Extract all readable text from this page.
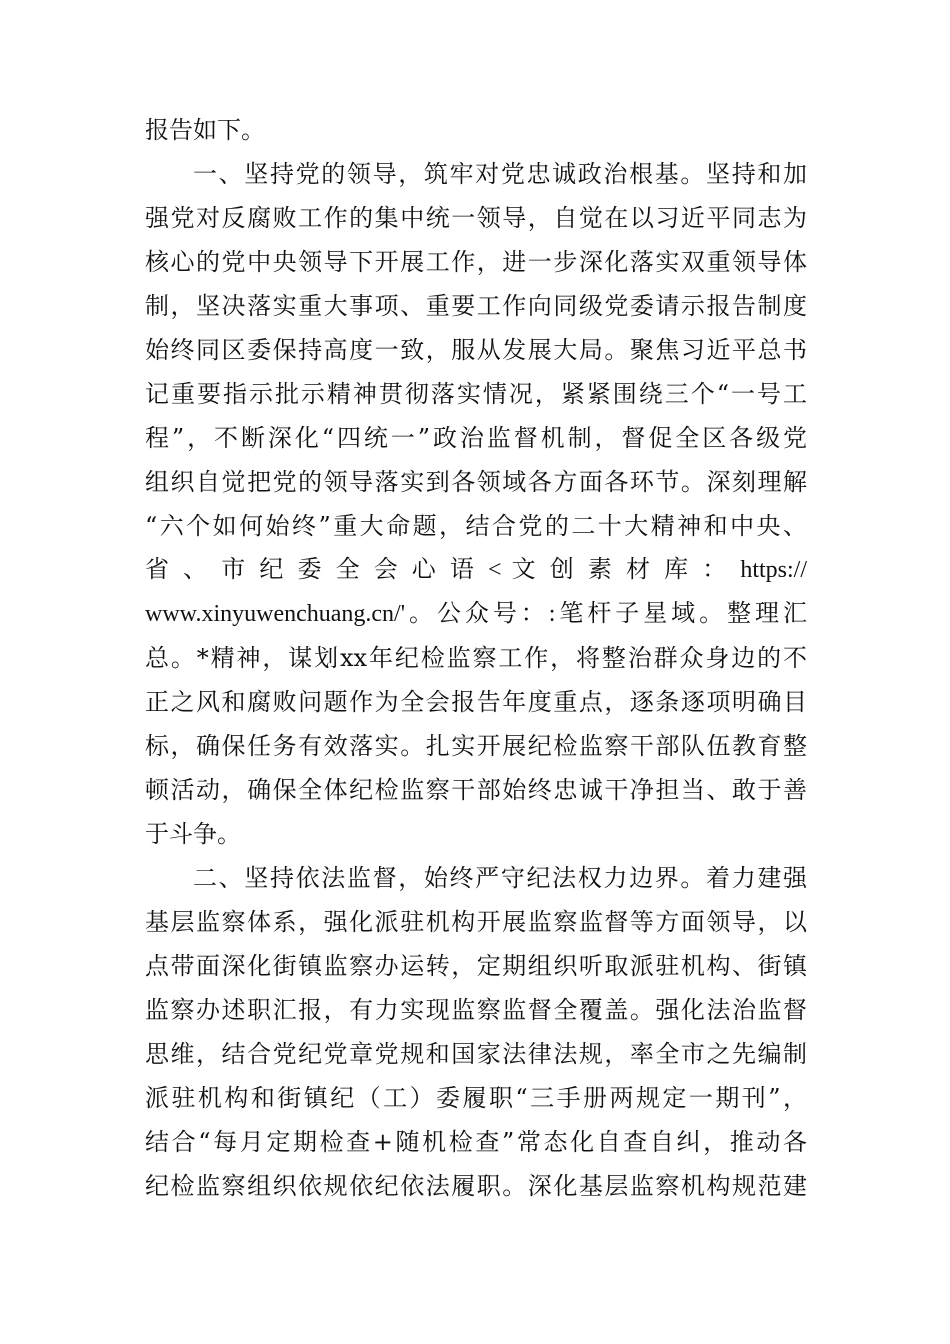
报告如下。
一、坚持党的领导，筑牢对党忠诚政治根基。坚持和加
强党对反腐败工作的集中统一领导，自觉在以习近平同志为
核心的党中央领导下开展工作，进一步深化落实双重领导体
制，坚决落实重大事项、重要工作向同级党委请示报告制度
始终同区委保持高度一致，服从发展大局。聚焦习近平总书
记重要指示批示精神贯彻落实情况，紧紧围绕三个“一号工
程”，不断深化“四统一”政治监督机制，督促全区各级党
组织自觉把党的领导落实到各领域各方面各环节。深刻理解
“六个如何始终”重大命题，结合党的二十大精神和中央、
省 、 市 纪 委 全 会 心 语 < 文 创 素 材 库 ： https://
www.xinyuwenchuang.cn/'。公众号：:笔杆子星域。整理汇
总。*精神，谋划xx年纪检监察工作，将整治群众身边的不
正之风和腐败问题作为全会报告年度重点，逐条逐项明确目
标，确保任务有效落实。扎实开展纪检监察干部队伍教育整
顿活动，确保全体纪检监察干部始终忠诚干净担当、敢于善
于斗争。
二、坚持依法监督，始终严守纪法权力边界。着力建强
基层监察体系，强化派驻机构开展监察监督等方面领导，以
点带面深化街镇监察办运转，定期组织听取派驻机构、街镇
监察办述职汇报，有力实现监察监督全覆盖。强化法治监督
思维，结合党纪党章党规和国家法律法规，率全市之先编制
派驻机构和街镇纪（工）委履职“三手册两规定一期刊”，
结合“每月定期检查+随机检查”常态化自查自纠，推动各
纪检监察组织依规依纪依法履职。深化基层监察机构规范建
